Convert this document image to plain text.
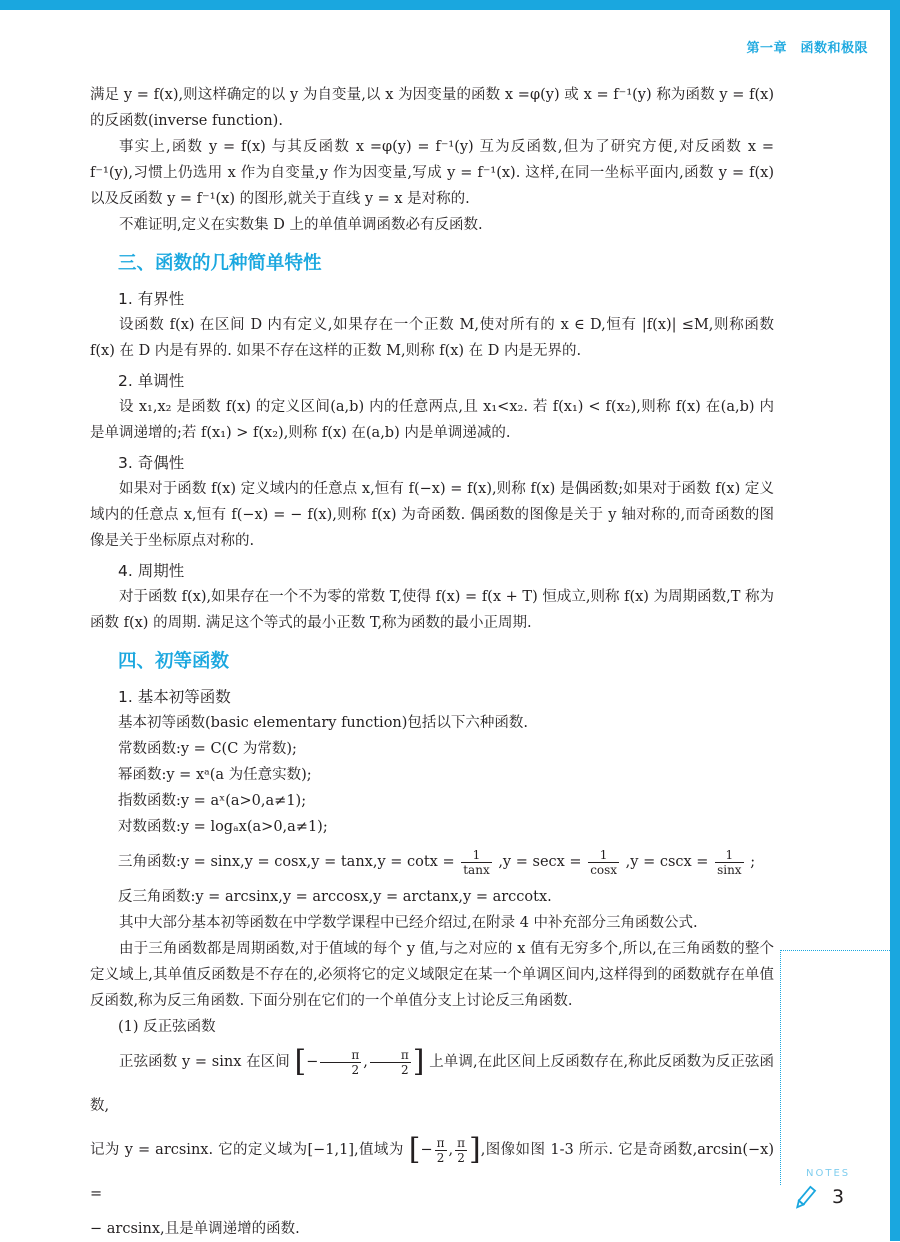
第一章　函数和极限

满足 y = f(x),则这样确定的以 y 为自变量,以 x 为因变量的函数 x =φ(y) 或 x = f⁻¹(y) 称为函数 y = f(x) 的反函数(inverse function).

事实上,函数 y = f(x) 与其反函数 x =φ(y) = f⁻¹(y) 互为反函数,但为了研究方便,对反函数 x = f⁻¹(y),习惯上仍选用 x 作为自变量,y 作为因变量,写成 y = f⁻¹(x). 这样,在同一坐标平面内,函数 y = f(x) 以及反函数 y = f⁻¹(x) 的图形,就关于直线 y = x 是对称的.

不难证明,定义在实数集 D 上的单值单调函数必有反函数.

三、函数的几种简单特性
1. 有界性

设函数 f(x) 在区间 D 内有定义,如果存在一个正数 M,使对所有的 x ∈ D,恒有 |f(x)| ≤M,则称函数 f(x) 在 D 内是有界的. 如果不存在这样的正数 M,则称 f(x) 在 D 内是无界的.

2. 单调性

设 x₁,x₂ 是函数 f(x) 的定义区间(a,b) 内的任意两点,且 x₁<x₂. 若 f(x₁) < f(x₂),则称 f(x) 在(a,b) 内是单调递增的;若 f(x₁) > f(x₂),则称 f(x) 在(a,b) 内是单调递减的.

3. 奇偶性

如果对于函数 f(x) 定义域内的任意点 x,恒有 f(−x) = f(x),则称 f(x) 是偶函数;如果对于函数 f(x) 定义域内的任意点 x,恒有 f(−x) = − f(x),则称 f(x) 为奇函数. 偶函数的图像是关于 y 轴对称的,而奇函数的图像是关于坐标原点对称的.

4. 周期性

对于函数 f(x),如果存在一个不为零的常数 T,使得 f(x) = f(x + T) 恒成立,则称 f(x) 为周期函数,T 称为函数 f(x) 的周期. 满足这个等式的最小正数 T,称为函数的最小正周期.

四、初等函数
1. 基本初等函数

基本初等函数(basic elementary function)包括以下六种函数.

常数函数:y = C(C 为常数);

幂函数:y = xᵃ(a 为任意实数);

指数函数:y = aˣ(a>0,a≠1);

对数函数:y = logₐx(a>0,a≠1);

三角函数:y = $\sin x,y = \cos x,y = \tan x,y = \cot x = \frac{1}{\tan x} ,y = \sec x = \frac{1}{\cos x} ,y = \csc x = \frac{1}{\sin x}$ ;

反三角函数:y = arcsinx,y = arccosx,y = arctanx,y = arccotx.

其中大部分基本初等函数在中学数学课程中已经介绍过,在附录 4 中补充部分三角函数公式.

由于三角函数都是周期函数,对于值域的每个 y 值,与之对应的 x 值有无穷多个,所以,在三角函数的整个定义域上,其单值反函数是不存在的,必须将它的定义域限定在某一个单调区间内,这样得到的函数就存在单值反函数,称为反三角函数. 下面分别在它们的一个单值分支上讨论反三角函数.

(1) 反正弦函数

正弦函数 y = sinx 在区间 [− $\frac{\pi}{2}$ , $\frac{\pi}{2}$ ] 上单调,在此区间上反函数存在,称此反函数为反正弦函数,

记为 y = arcsinx. 它的定义域为[−1,1],值域为 [− $\frac{\pi}{2}$ , $\frac{\pi}{2}$ ],图像如图 1-3 所示. 它是奇函数,arcsin(−x) =

− arcsinx,且是单调递增的函数.

NOTES
3
